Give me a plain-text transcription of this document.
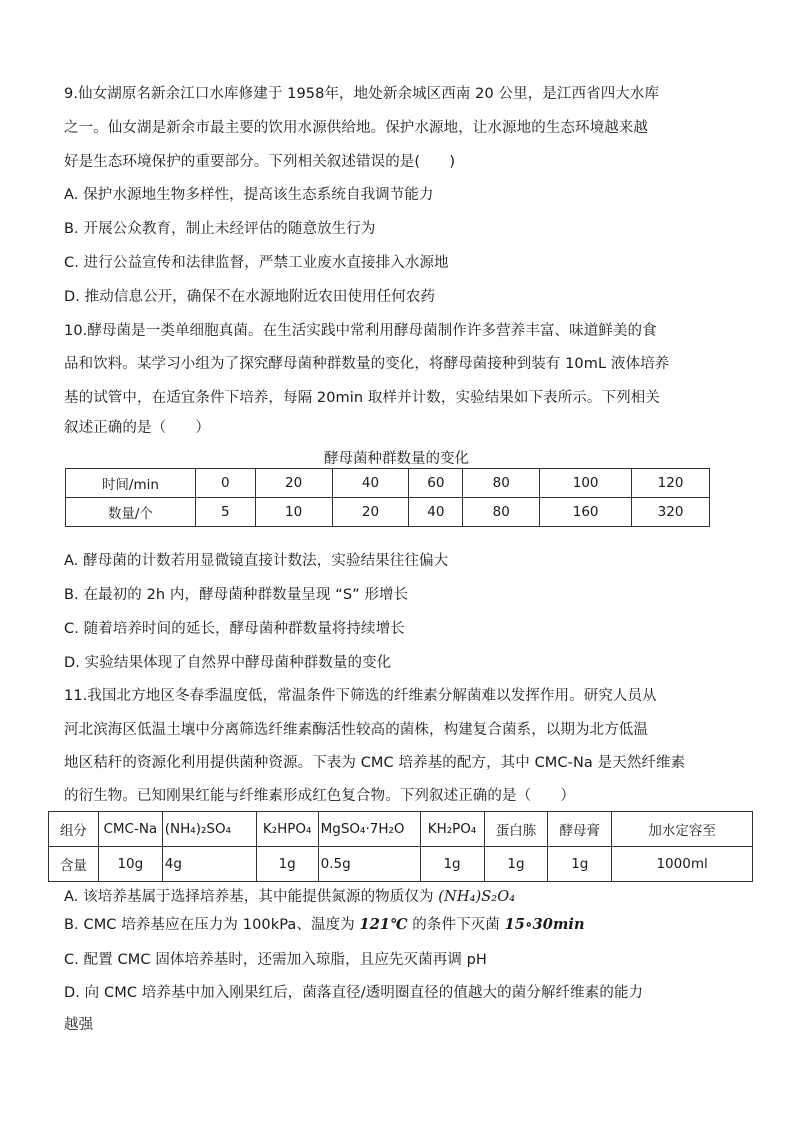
9.仙女湖原名新余江口水库修建于 1958年，地处新余城区西南 20 公里，是江西省四大水库
之一。仙女湖是新余市最主要的饮用水源供给地。保护水源地，让水源地的生态环境越来越
好是生态环境保护的重要部分。下列相关叙述错误的是(　　)
A. 保护水源地生物多样性，提高该生态系统自我调节能力
B. 开展公众教育，制止未经评估的随意放生行为
C. 进行公益宣传和法律监督，严禁工业废水直接排入水源地
D. 推动信息公开，确保不在水源地附近农田使用任何农药
10.酵母菌是一类单细胞真菌。在生活实践中常利用酵母菌制作许多营养丰富、味道鲜美的食
品和饮料。某学习小组为了探究酵母菌种群数量的变化，将酵母菌接种到装有 10mL 液体培养
基的试管中，在适宜条件下培养，每隔 20min 取样并计数，实验结果如下表所示。下列相关
叙述正确的是（　　）
酵母菌种群数量的变化
时间/min	0	20	40	60	80	100	120
数量/个	5	10	20	40	80	160	320
A. 酵母菌的计数若用显微镜直接计数法，实验结果往往偏大
B. 在最初的 2h 内，酵母菌种群数量呈现 “S” 形增长
C. 随着培养时间的延长，酵母菌种群数量将持续增长
D. 实验结果体现了自然界中酵母菌种群数量的变化
11.我国北方地区冬春季温度低，常温条件下筛选的纤维素分解菌难以发挥作用。研究人员从
河北滨海区低温土壤中分离筛选纤维素酶活性较高的菌株，构建复合菌系，以期为北方低温
地区秸秆的资源化利用提供菌种资源。下表为 CMC 培养基的配方，其中 CMC-Na 是天然纤维素
的衍生物。已知刚果红能与纤维素形成红色复合物。下列叙述正确的是（　　）
组分	CMC-Na	(NH₄)₂SO₄	K₂HPO₄	MgSO₄·7H₂O	KH₂PO₄	蛋白胨	酵母膏	加水定容至
含量	10g	4g	1g	0.5g	1g	1g	1g	1000ml
A. 该培养基属于选择培养基，其中能提供氮源的物质仅为 (NH₄)S₂O₄
B. CMC 培养基应在压力为 100kPa、温度为 121℃ 的条件下灭菌 15∘30min
C. 配置 CMC 固体培养基时，还需加入琼脂，且应先灭菌再调 pH
D. 向 CMC 培养基中加入刚果红后，菌落直径/透明圈直径的值越大的菌分解纤维素的能力
越强
